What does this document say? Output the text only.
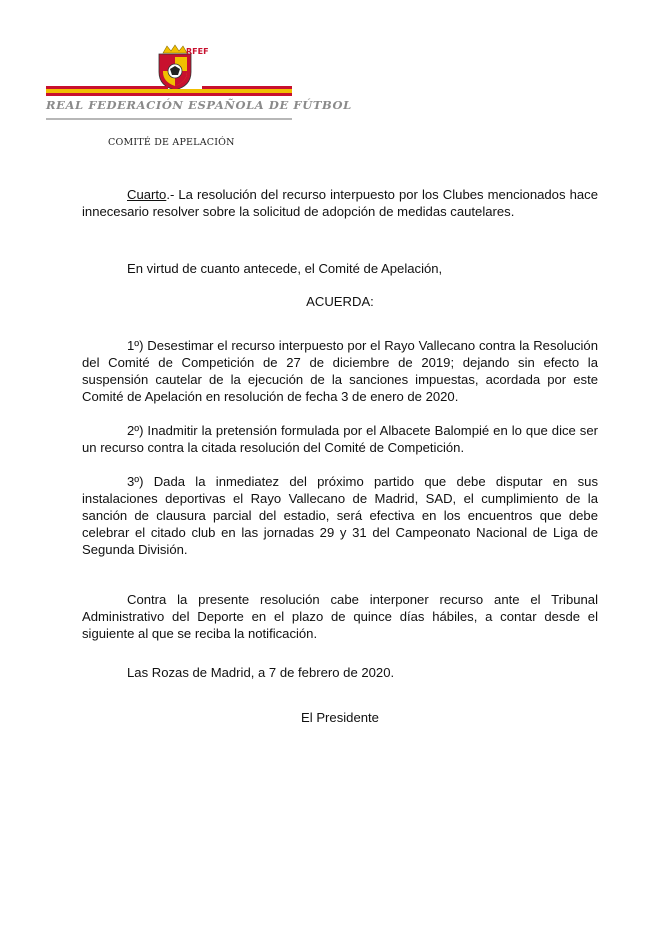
RFEF
REAL FEDERACIÓN ESPAÑOLA DE FÚTBOL
COMITÉ DE APELACIÓN

Cuarto.- La resolución del recurso interpuesto por los Clubes mencionados hace innecesario resolver sobre la solicitud de adopción de medidas cautelares.

En virtud de cuanto antecede, el Comité de Apelación,

ACUERDA:

1º) Desestimar el recurso interpuesto por el Rayo Vallecano contra la Resolución del Comité de Competición de 27 de diciembre de 2019; dejando sin efecto la suspensión cautelar de la ejecución de la sanciones impuestas, acordada por este Comité de Apelación en resolución de fecha 3 de enero de 2020.

2º) Inadmitir la pretensión formulada por el Albacete Balompié en lo que dice ser un recurso contra la citada resolución del Comité de Competición.

3º) Dada la inmediatez del próximo partido que debe disputar en sus instalaciones deportivas el Rayo Vallecano de Madrid, SAD, el cumplimiento de la sanción de clausura parcial del estadio, será efectiva en los encuentros que debe celebrar el citado club en las jornadas 29 y 31 del Campeonato Nacional de Liga de Segunda División.

Contra la presente resolución cabe interponer recurso ante el Tribunal Administrativo del Deporte en el plazo de quince días hábiles, a contar desde el siguiente al que se reciba la notificación.

Las Rozas de Madrid, a 7 de febrero de 2020.

El Presidente
